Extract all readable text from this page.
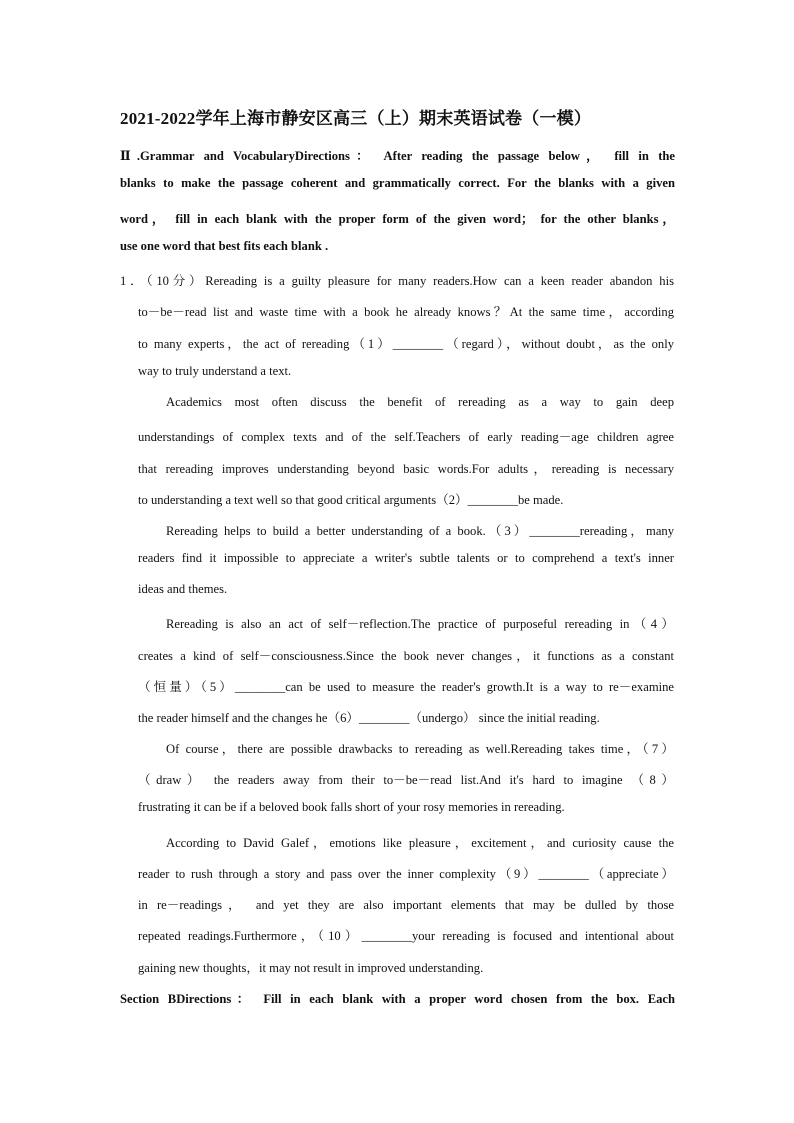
2021-2022学年上海市静安区高三（上）期末英语试卷（一模）
Ⅱ.Grammar and VocabularyDirections： After reading the passage below， fill in the
blanks to make the passage coherent and grammatically correct. For the blanks with a given
word， fill in each blank with the proper form of the given word； for the other blanks，
use one word that best fits each blank .
1．（10分）Rereading is a guilty pleasure for many readers.How can a keen reader abandon his
to－be－read list and waste time with a book he already knows？At the same time，according
to many experts，the act of rereading（1）________（regard），without doubt，as the only
way to truly understand a text.
Academics most often discuss the benefit of rereading as a way to gain deep
understandings of complex texts and of the self.Teachers of early reading－age children agree
that rereading improves understanding beyond basic words.For adults，rereading is necessary
to understanding a text well so that good critical arguments（2）________be made.
Rereading helps to build a better understanding of a book.（3）________rereading，many
readers find it impossible to appreciate a writer's subtle talents or to comprehend a text's inner
ideas and themes.
Rereading is also an act of self－reflection.The practice of purposeful rereading in（4）
creates a kind of self－consciousness.Since the book never changes，it functions as a constant
（恒量）（5）________can be used to measure the reader's growth.It is a way to re－examine
the reader himself and the changes he（6）________（undergo） since the initial reading.
Of course，there are possible drawbacks to rereading as well.Rereading takes time，（7）
（draw） the readers away from their to－be－read list.And it's hard to imagine （8）
frustrating it can be if a beloved book falls short of your rosy memories in rereading.
According to David Galef，emotions like pleasure，excitement，and curiosity cause the
reader to rush through a story and pass over the inner complexity（9）________（appreciate）
in re－readings， and yet they are also important elements that may be dulled by those
repeated readings.Furthermore，（10）________your rereading is focused and intentional about
gaining new thoughts，it may not result in improved understanding.
Section BDirections： Fill in each blank with a proper word chosen from the box. Each
